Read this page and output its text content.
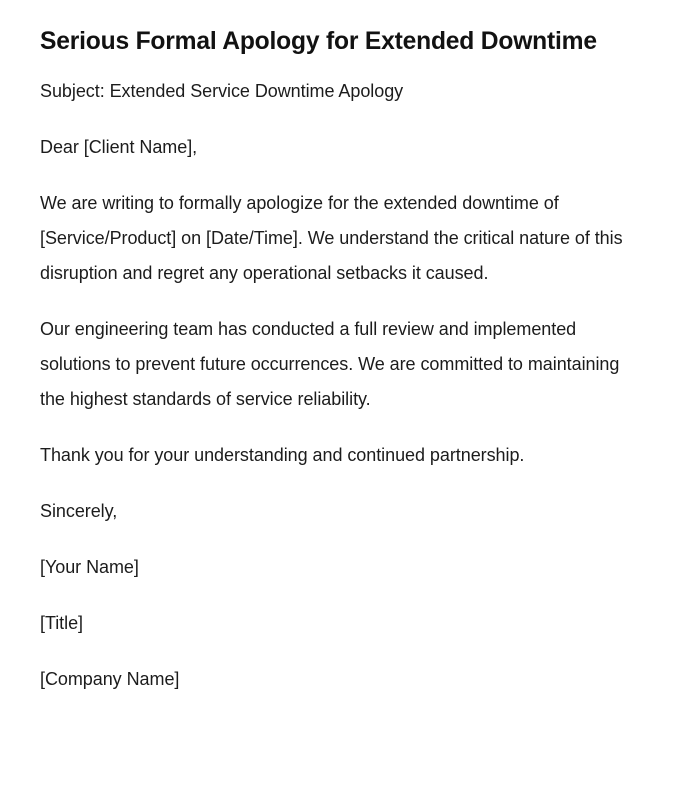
Serious Formal Apology for Extended Downtime

Subject: Extended Service Downtime Apology

Dear [Client Name],

We are writing to formally apologize for the extended downtime of [Service/Product] on [Date/Time]. We understand the critical nature of this disruption and regret any operational setbacks it caused.

Our engineering team has conducted a full review and implemented solutions to prevent future occurrences. We are committed to maintaining the highest standards of service reliability.

Thank you for your understanding and continued partnership.

Sincerely,

[Your Name]

[Title]

[Company Name]
